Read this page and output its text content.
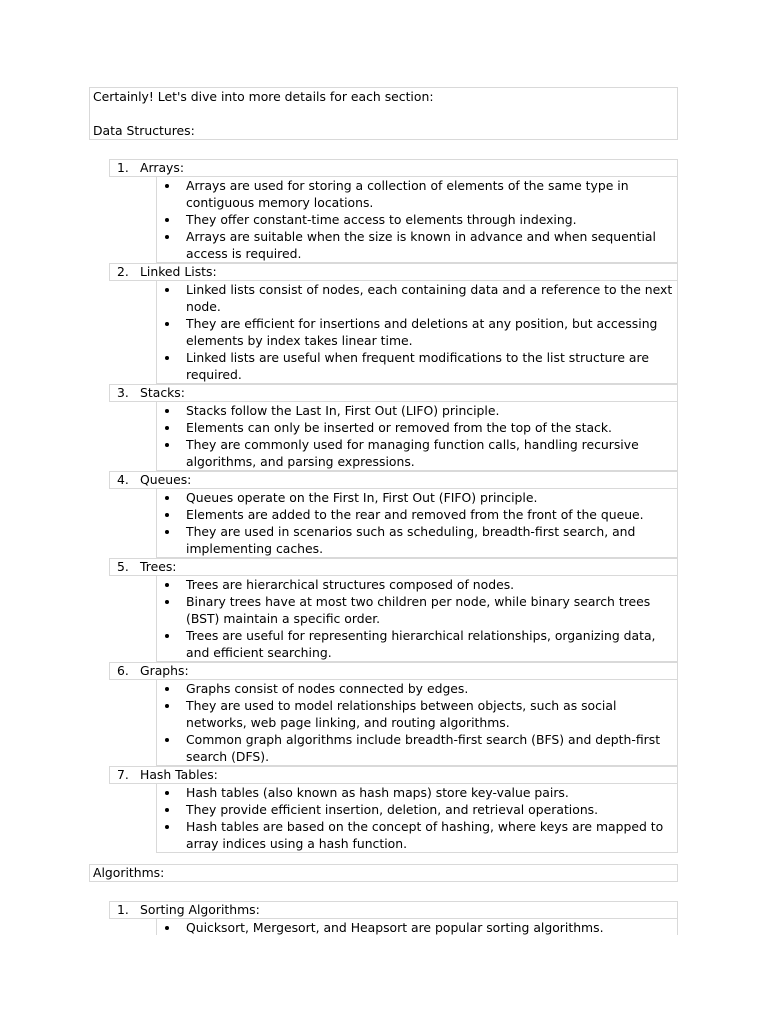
Certainly! Let's dive into more details for each section:
Data Structures:
1. Arrays:
Arrays are used for storing a collection of elements of the same type in contiguous memory locations.
They offer constant-time access to elements through indexing.
Arrays are suitable when the size is known in advance and when sequential access is required.
2. Linked Lists:
Linked lists consist of nodes, each containing data and a reference to the next node.
They are efficient for insertions and deletions at any position, but accessing elements by index takes linear time.
Linked lists are useful when frequent modifications to the list structure are required.
3. Stacks:
Stacks follow the Last In, First Out (LIFO) principle.
Elements can only be inserted or removed from the top of the stack.
They are commonly used for managing function calls, handling recursive algorithms, and parsing expressions.
4. Queues:
Queues operate on the First In, First Out (FIFO) principle.
Elements are added to the rear and removed from the front of the queue.
They are used in scenarios such as scheduling, breadth-first search, and implementing caches.
5. Trees:
Trees are hierarchical structures composed of nodes.
Binary trees have at most two children per node, while binary search trees (BST) maintain a specific order.
Trees are useful for representing hierarchical relationships, organizing data, and efficient searching.
6. Graphs:
Graphs consist of nodes connected by edges.
They are used to model relationships between objects, such as social networks, web page linking, and routing algorithms.
Common graph algorithms include breadth-first search (BFS) and depth-first search (DFS).
7. Hash Tables:
Hash tables (also known as hash maps) store key-value pairs.
They provide efficient insertion, deletion, and retrieval operations.
Hash tables are based on the concept of hashing, where keys are mapped to array indices using a hash function.
Algorithms:
1. Sorting Algorithms:
Quicksort, Mergesort, and Heapsort are popular sorting algorithms.
